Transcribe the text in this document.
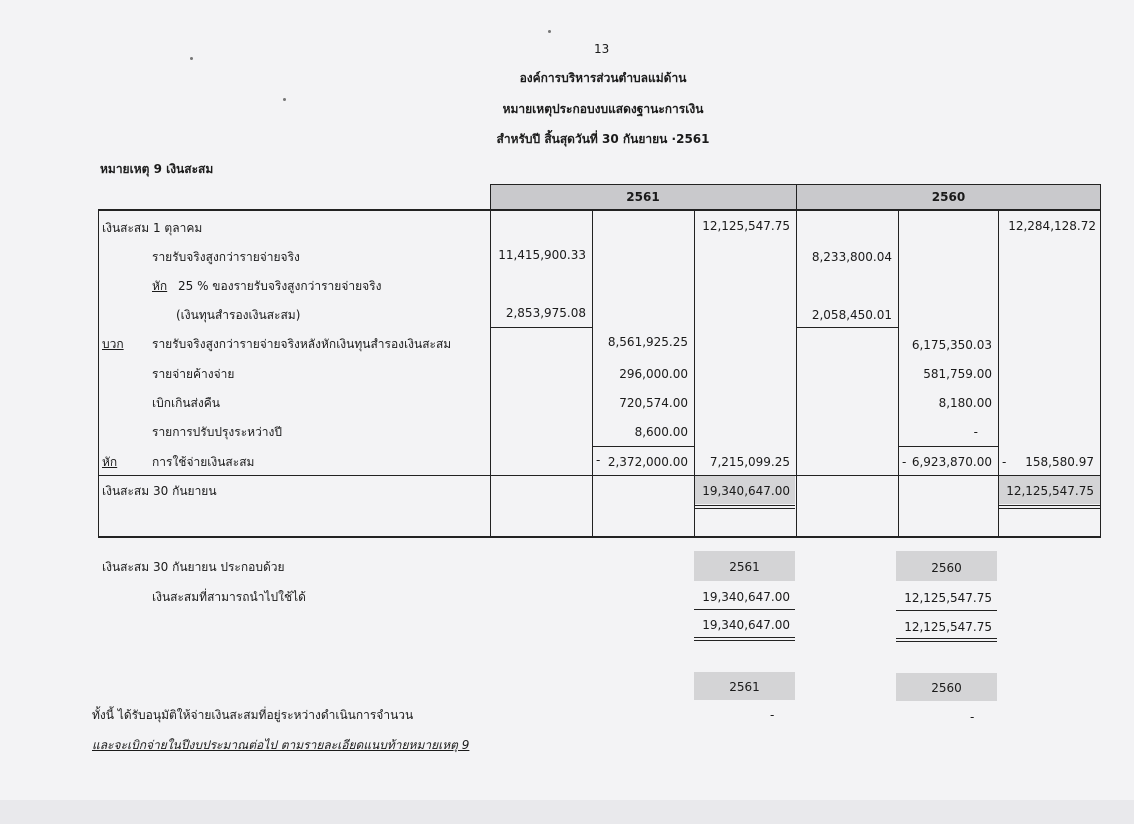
13
องค์การบริหารส่วนตำบลแม่ด้าน
หมายเหตุประกอบงบแสดงฐานะการเงิน
สำหรับปี สิ้นสุดวันที่ 30 กันยายน ·2561
หมายเหตุ 9 เงินสะสม
2561	2560
เงินสะสม 1 ตุลาคม	12,125,547.75	12,284,128.72
รายรับจริงสูงกว่ารายจ่ายจริง	11,415,900.33	8,233,800.04
หัก 25 % ของรายรับจริงสูงกว่ารายจ่ายจริง
(เงินทุนสำรองเงินสะสม)	2,853,975.08	2,058,450.01
บวก รายรับจริงสูงกว่ารายจ่ายจริงหลังหักเงินทุนสำรองเงินสะสม	8,561,925.25	6,175,350.03
รายจ่ายค้างจ่าย	296,000.00	581,759.00
เบิกเกินส่งคืน	720,574.00	8,180.00
รายการปรับปรุงระหว่างปี	8,600.00	-
หัก	การใช้จ่ายเงินสะสม	- 2,372,000.00	7,215,099.25	- 6,923,870.00 -	158,580.97
เงินสะสม 30 กันยายน	19,340,647.00	12,125,547.75
เงินสะสม 30 กันยายน ประกอบด้วย	2561	2560
เงินสะสมที่สามารถนำไปใช้ได้	19,340,647.00	12,125,547.75
19,340,647.00	12,125,547.75
2561	2560
ทั้งนี้ ได้รับอนุมัติให้จ่ายเงินสะสมที่อยู่ระหว่างดำเนินการจำนวน	-	-
และจะเบิกจ่ายในปีงบประมาณต่อไป ตามรายละเอียดแนบท้ายหมายเหตุ 9
